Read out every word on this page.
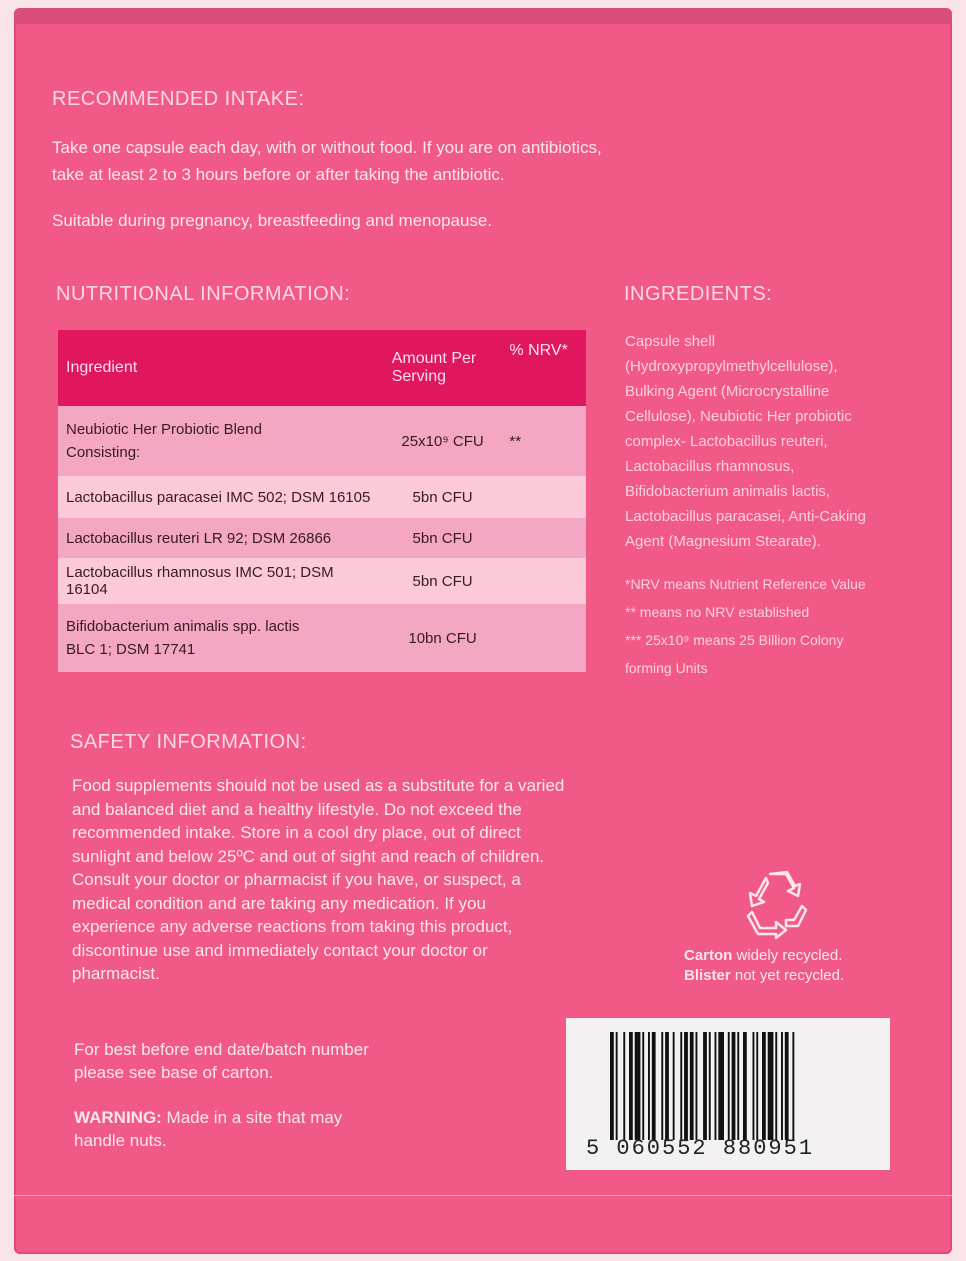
RECOMMENDED INTAKE:
Take one capsule each day, with or without food. If you are on antibiotics,
take at least 2 to 3 hours before or after taking the antibiotic.
Suitable during pregnancy, breastfeeding and menopause.
NUTRITIONAL INFORMATION:
Ingredient	Amount Per Serving	% NRV*

Neubiotic Her Probiotic Blend
Consisting:	25x10⁹ CFU	**
Lactobacillus paracasei IMC 502; DSM 16105	5bn CFU	
Lactobacillus reuteri LR 92; DSM 26866	5bn CFU	
Lactobacillus rhamnosus IMC 501; DSM 16104	5bn CFU	

Bifidobacterium animalis spp. lactis
BLC 1; DSM 17741	10bn CFU	
INGREDIENTS:
Capsule shell
(Hydroxypropylmethylcellulose),
Bulking Agent (Microcrystalline
Cellulose), Neubiotic Her probiotic
complex- Lactobacillus reuteri,
Lactobacillus rhamnosus,
Bifidobacterium animalis lactis,
Lactobacillus paracasei, Anti-Caking
Agent (Magnesium Stearate).
*NRV means Nutrient Reference Value
** means no NRV established
*** 25x10⁹ means 25 Billion Colony
forming Units
SAFETY INFORMATION:
Food supplements should not be used as a substitute for a varied
and balanced diet and a healthy lifestyle. Do not exceed the
recommended intake. Store in a cool dry place, out of direct
sunlight and below 25ºC and out of sight and reach of children.
Consult your doctor or pharmacist if you have, or suspect, a
medical condition and are taking any medication. If you
experience any adverse reactions from taking this product,
discontinue use and immediately contact your doctor or
pharmacist.
Carton widely recycled.
Blister not yet recycled.
For best before end date/batch number
please see base of carton.
WARNING: Made in a site that may
handle nuts.	5 060552 880951
